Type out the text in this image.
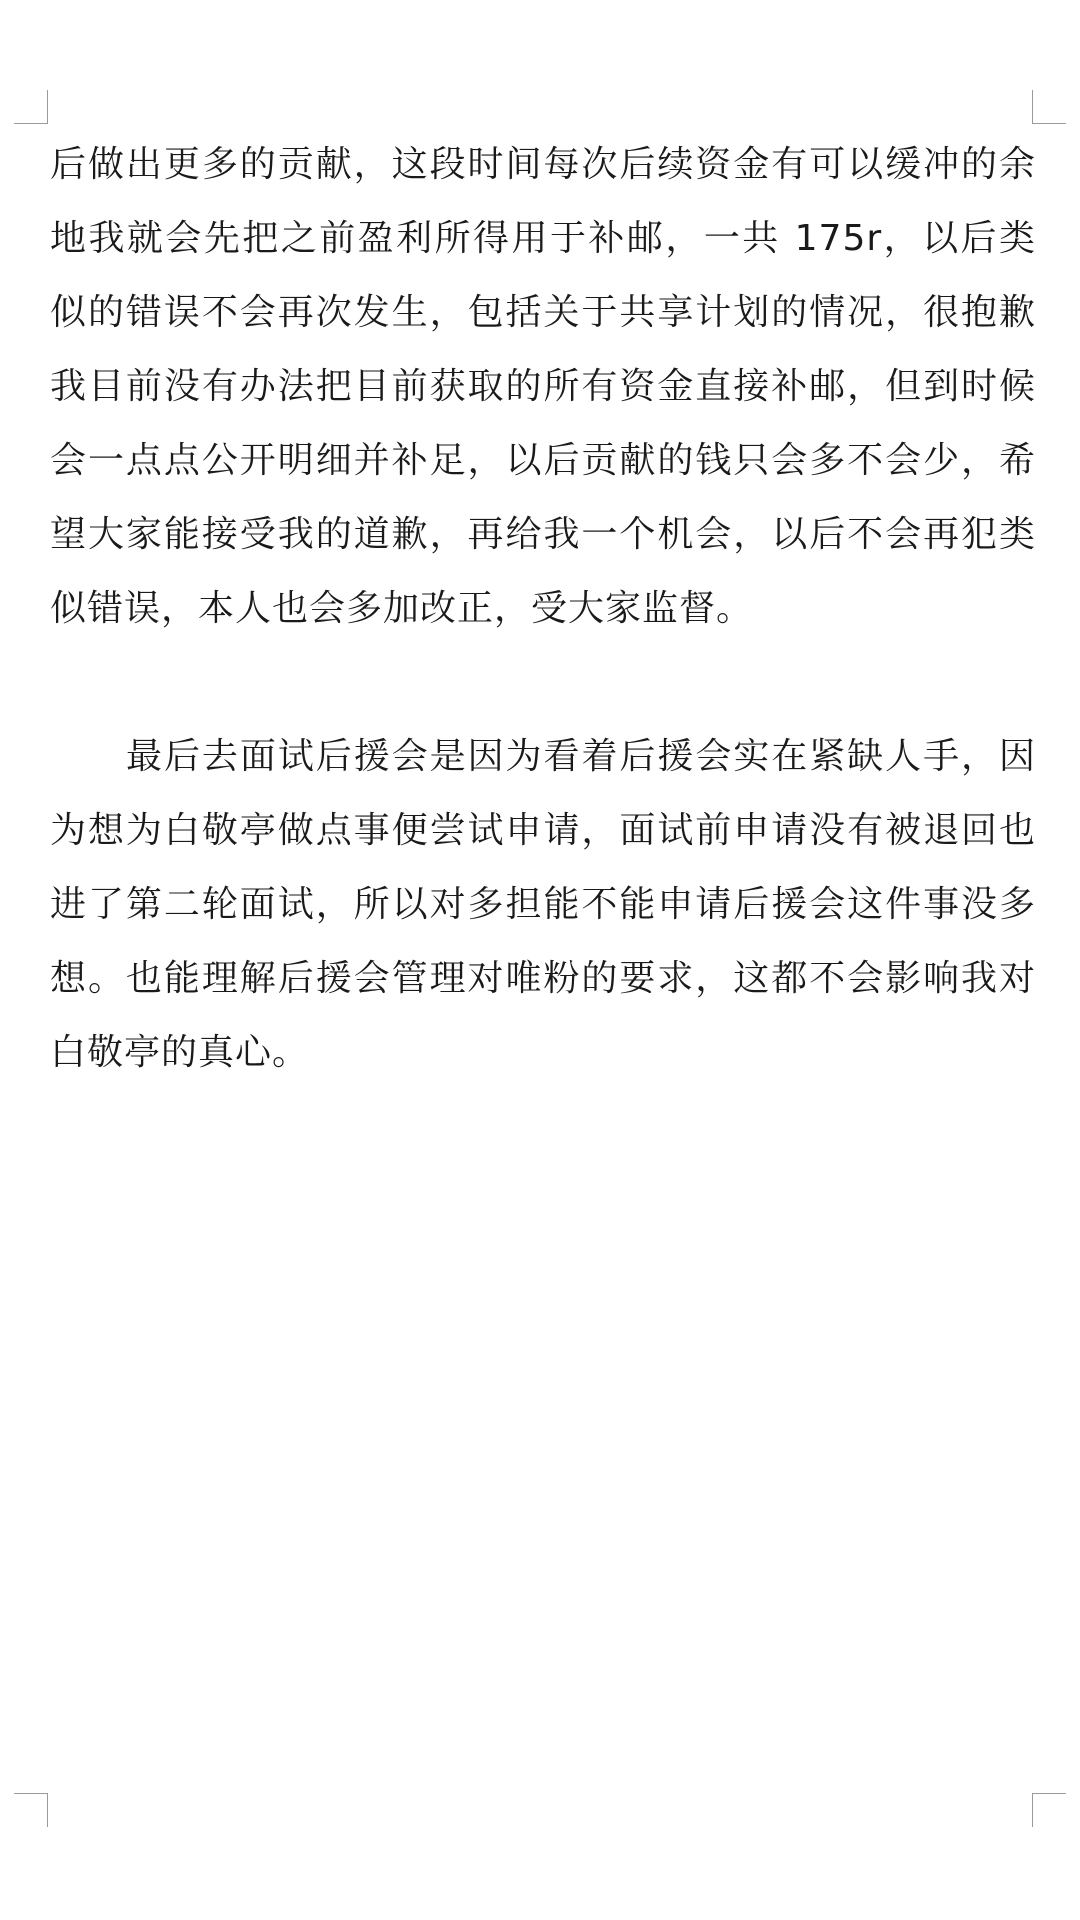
后做出更多的贡献，这段时间每次后续资金有可以缓冲的余地我就会先把之前盈利所得用于补邮，一共 175r，以后类似的错误不会再次发生，包括关于共享计划的情况，很抱歉我目前没有办法把目前获取的所有资金直接补邮，但到时候会一点点公开明细并补足，以后贡献的钱只会多不会少，希望大家能接受我的道歉，再给我一个机会，以后不会再犯类似错误，本人也会多加改正，受大家监督。

最后去面试后援会是因为看着后援会实在紧缺人手，因为想为白敬亭做点事便尝试申请，面试前申请没有被退回也进了第二轮面试，所以对多担能不能申请后援会这件事没多想。也能理解后援会管理对唯粉的要求，这都不会影响我对白敬亭的真心。
